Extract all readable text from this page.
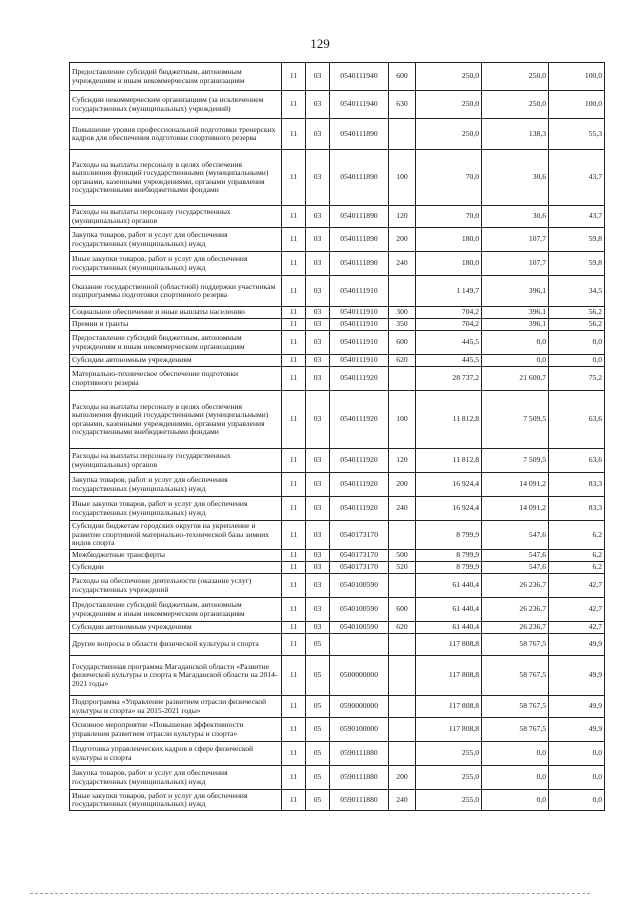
129
Предоставление субсидий бюджетным, автономным учреждениям и иным некоммерческим организациям	11	03	0540111940	600	250,0	250,0	100,0
Субсидии некоммерческим организациям (за исключением государственных (муниципальных) учреждений)	11	03	0540111940	630	250,0	250,0	100,0
Повышение уровня профессиональной подготовки тренерских кадров для обеспечения подготовки спортивного резерва	11	03	0540111890		250,0	138,3	55,3
Расходы на выплаты персоналу в целях обеспечения выполнения функций государственными (муниципальными) органами, казенными учреждениями, органами управления государственными внебюджетными фондами	11	03	0540111890	100	70,0	30,6	43,7
Расходы на выплаты персоналу государственных (муниципальных) органов	11	03	0540111890	120	70,0	30,6	43,7
Закупка товаров, работ и услуг для обеспечения государственных (муниципальных) нужд	11	03	0540111890	200	180,0	107,7	59,8
Иные закупки товаров, работ и услуг для обеспечения государственных (муниципальных) нужд	11	03	0540111890	240	180,0	107,7	59,8
Оказание государственной (областной) поддержки участникам подпрограммы подготовки спортивного резерва	11	03	0540111910		1 149,7	396,1	34,5
Социальное обеспечение и иные выплаты населению	11	03	0540111910	300	704,2	396,1	56,2
Премии и гранты	11	03	0540111910	350	704,2	396,1	56,2
Предоставление субсидий бюджетным, автономным учреждениям и иным некоммерческим организациям	11	03	0540111910	600	445,5	0,0	0,0
Субсидии автономным учреждениям	11	03	0540111910	620	445,5	0,0	0,0
Материально-техническое обеспечение подготовки спортивного резерва	11	03	0540111920		28 737,2	21 600,7	75,2
Расходы на выплаты персоналу в целях обеспечения выполнения функций государственными (муниципальными) органами, казенными учреждениями, органами управления государственными внебюджетными фондами	11	03	0540111920	100	11 812,8	7 509,5	63,6
Расходы на выплаты персоналу государственных (муниципальных) органов	11	03	0540111920	120	11 812,8	7 509,5	63,6
Закупка товаров, работ и услуг для обеспечения государственных (муниципальных) нужд	11	03	0540111920	200	16 924,4	14 091,2	83,3
Иные закупки товаров, работ и услуг для обеспечения государственных (муниципальных) нужд	11	03	0540111920	240	16 924,4	14 091,2	83,3
Субсидии бюджетам городских округов на укрепление и развитие спортивной материально-технической базы зимних видов спорта	11	03	0540173170		8 799,9	547,6	6,2
Межбюджетные трансферты	11	03	0540173170	500	8 799,9	547,6	6,2
Субсидии	11	03	0540173170	520	8 799,9	547,6	6,2
Расходы на обеспечение деятельности (оказание услуг) государственных учреждений	11	03	0540100590		61 440,4	26 236,7	42,7
Предоставление субсидий бюджетным, автономным учреждениям и иным некоммерческим организациям	11	03	0540100590	600	61 440,4	26 236,7	42,7
Субсидии автономным учреждениям	11	03	0540100590	620	61 440,4	26 236,7	42,7
Другие вопросы в области физической культуры и спорта	11	05			117 808,8	58 767,5	49,9
Государственная программа Магаданской области «Развитие физической культуры и спорта в Магаданской области на 2014-2021 годы»	11	05	0500000000		117 808,8	58 767,5	49,9
Подпрограмма «Управление развитием отрасли физической культуры и спорта» на 2015-2021 годы»	11	05	0590000000		117 808,8	58 767,5	49,9
Основное мероприятие «Повышение эффективности управления развитием отрасли культуры и спорта»	11	05	0590100000		117 808,8	58 767,5	49,9
Подготовка управленческих кадров в сфере физической культуры и спорта	11	05	0590111880		255,0	0,0	0,0
Закупка товаров, работ и услуг для обеспечения государственных (муниципальных) нужд	11	05	0590111880	200	255,0	0,0	0,0
Иные закупки товаров, работ и услуг для обеспечения государственных (муниципальных) нужд	11	05	0590111880	240	255,0	0,0	0,0
